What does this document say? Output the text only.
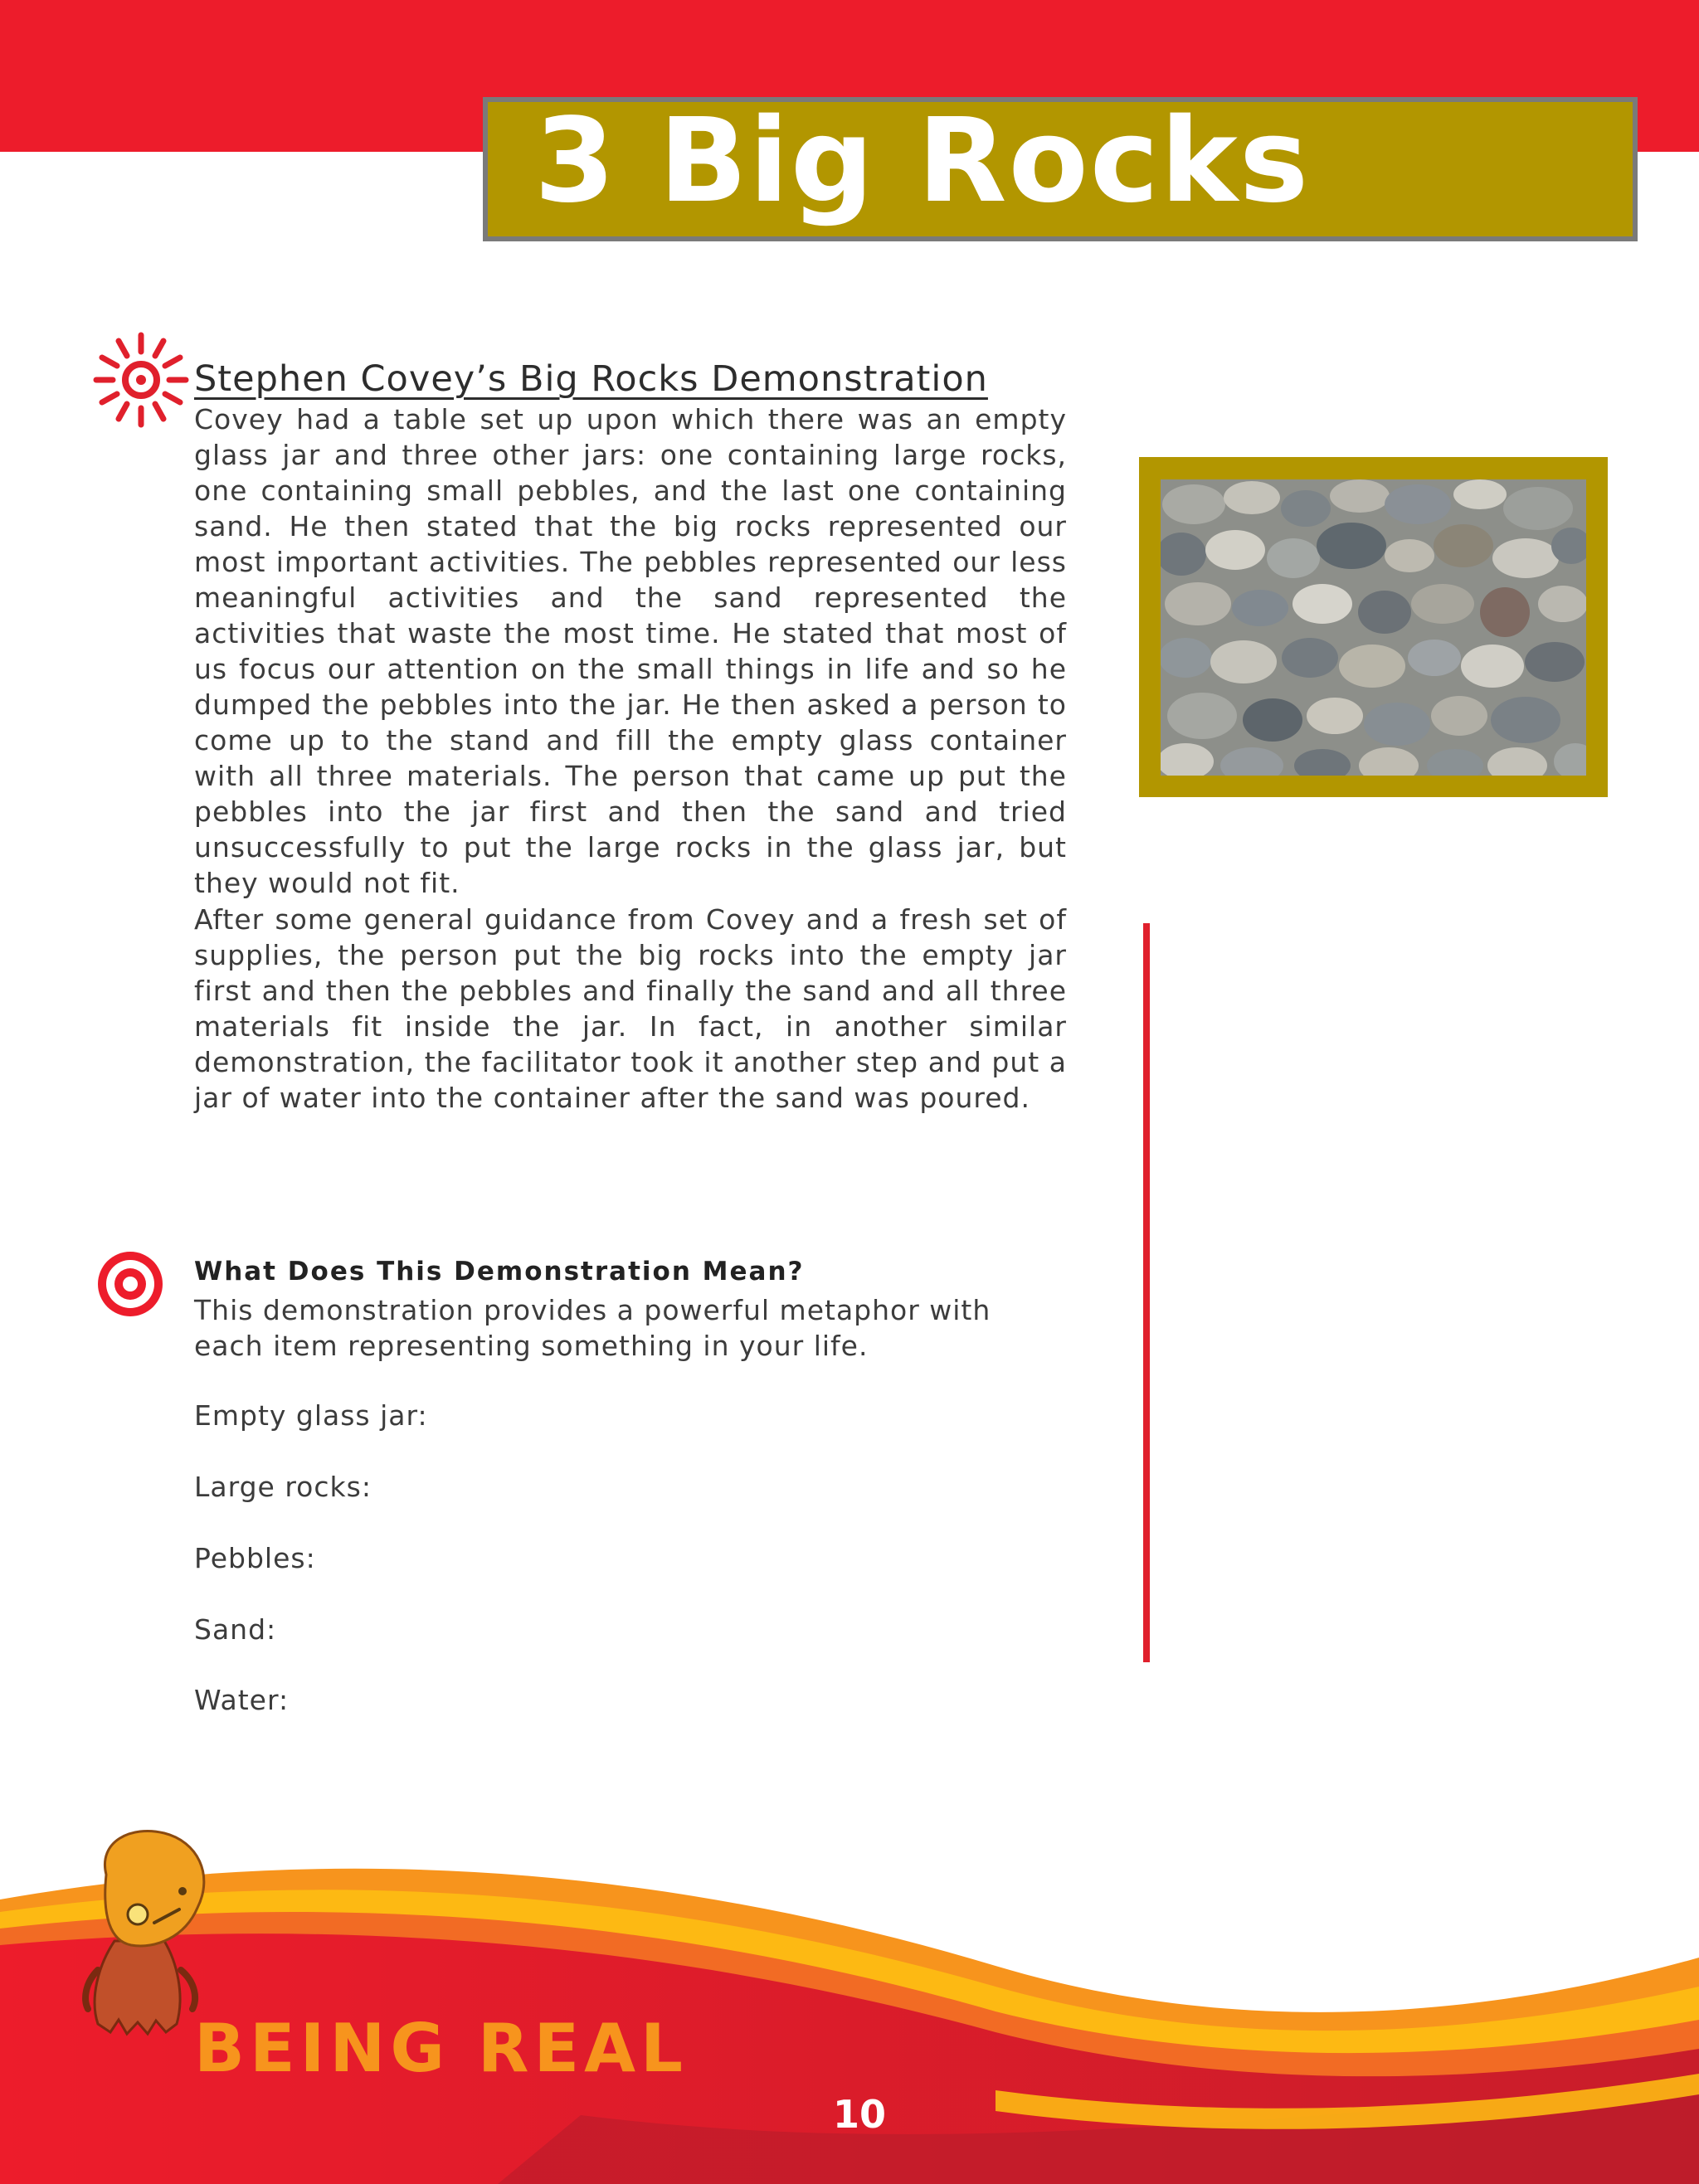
3 Big Rocks
Stephen Covey’s Big Rocks Demonstration

Covey had a table set up upon which there was an empty glass jar and three other jars: one containing large rocks, one containing small pebbles, and the last one containing sand. He then stated that the big rocks represented our most important activities. The pebbles represented our less meaningful activities and the sand represented the activities that waste the most time. He stated that most of us focus our attention on the small things in life and so he dumped the pebbles into the jar. He then asked a person to come up to the stand and fill the empty glass container with all three materials. The person that came up put the pebbles into the jar first and then the sand and tried unsuccessfully to put the large rocks in the glass jar, but they would not fit.

After some general guidance from Covey and a fresh set of supplies, the person put the big rocks into the empty jar first and then the pebbles and finally the sand and all three materials fit inside the jar. In fact, in another similar demonstration, the facilitator took it another step and put a jar of water into the container after the sand was poured.

What Does This Demonstration Mean?

This demonstration provides a powerful metaphor with each item representing something in your life.

Empty glass jar:
Large rocks:
Pebbles:
Sand:
Water:
BEING REAL
10
